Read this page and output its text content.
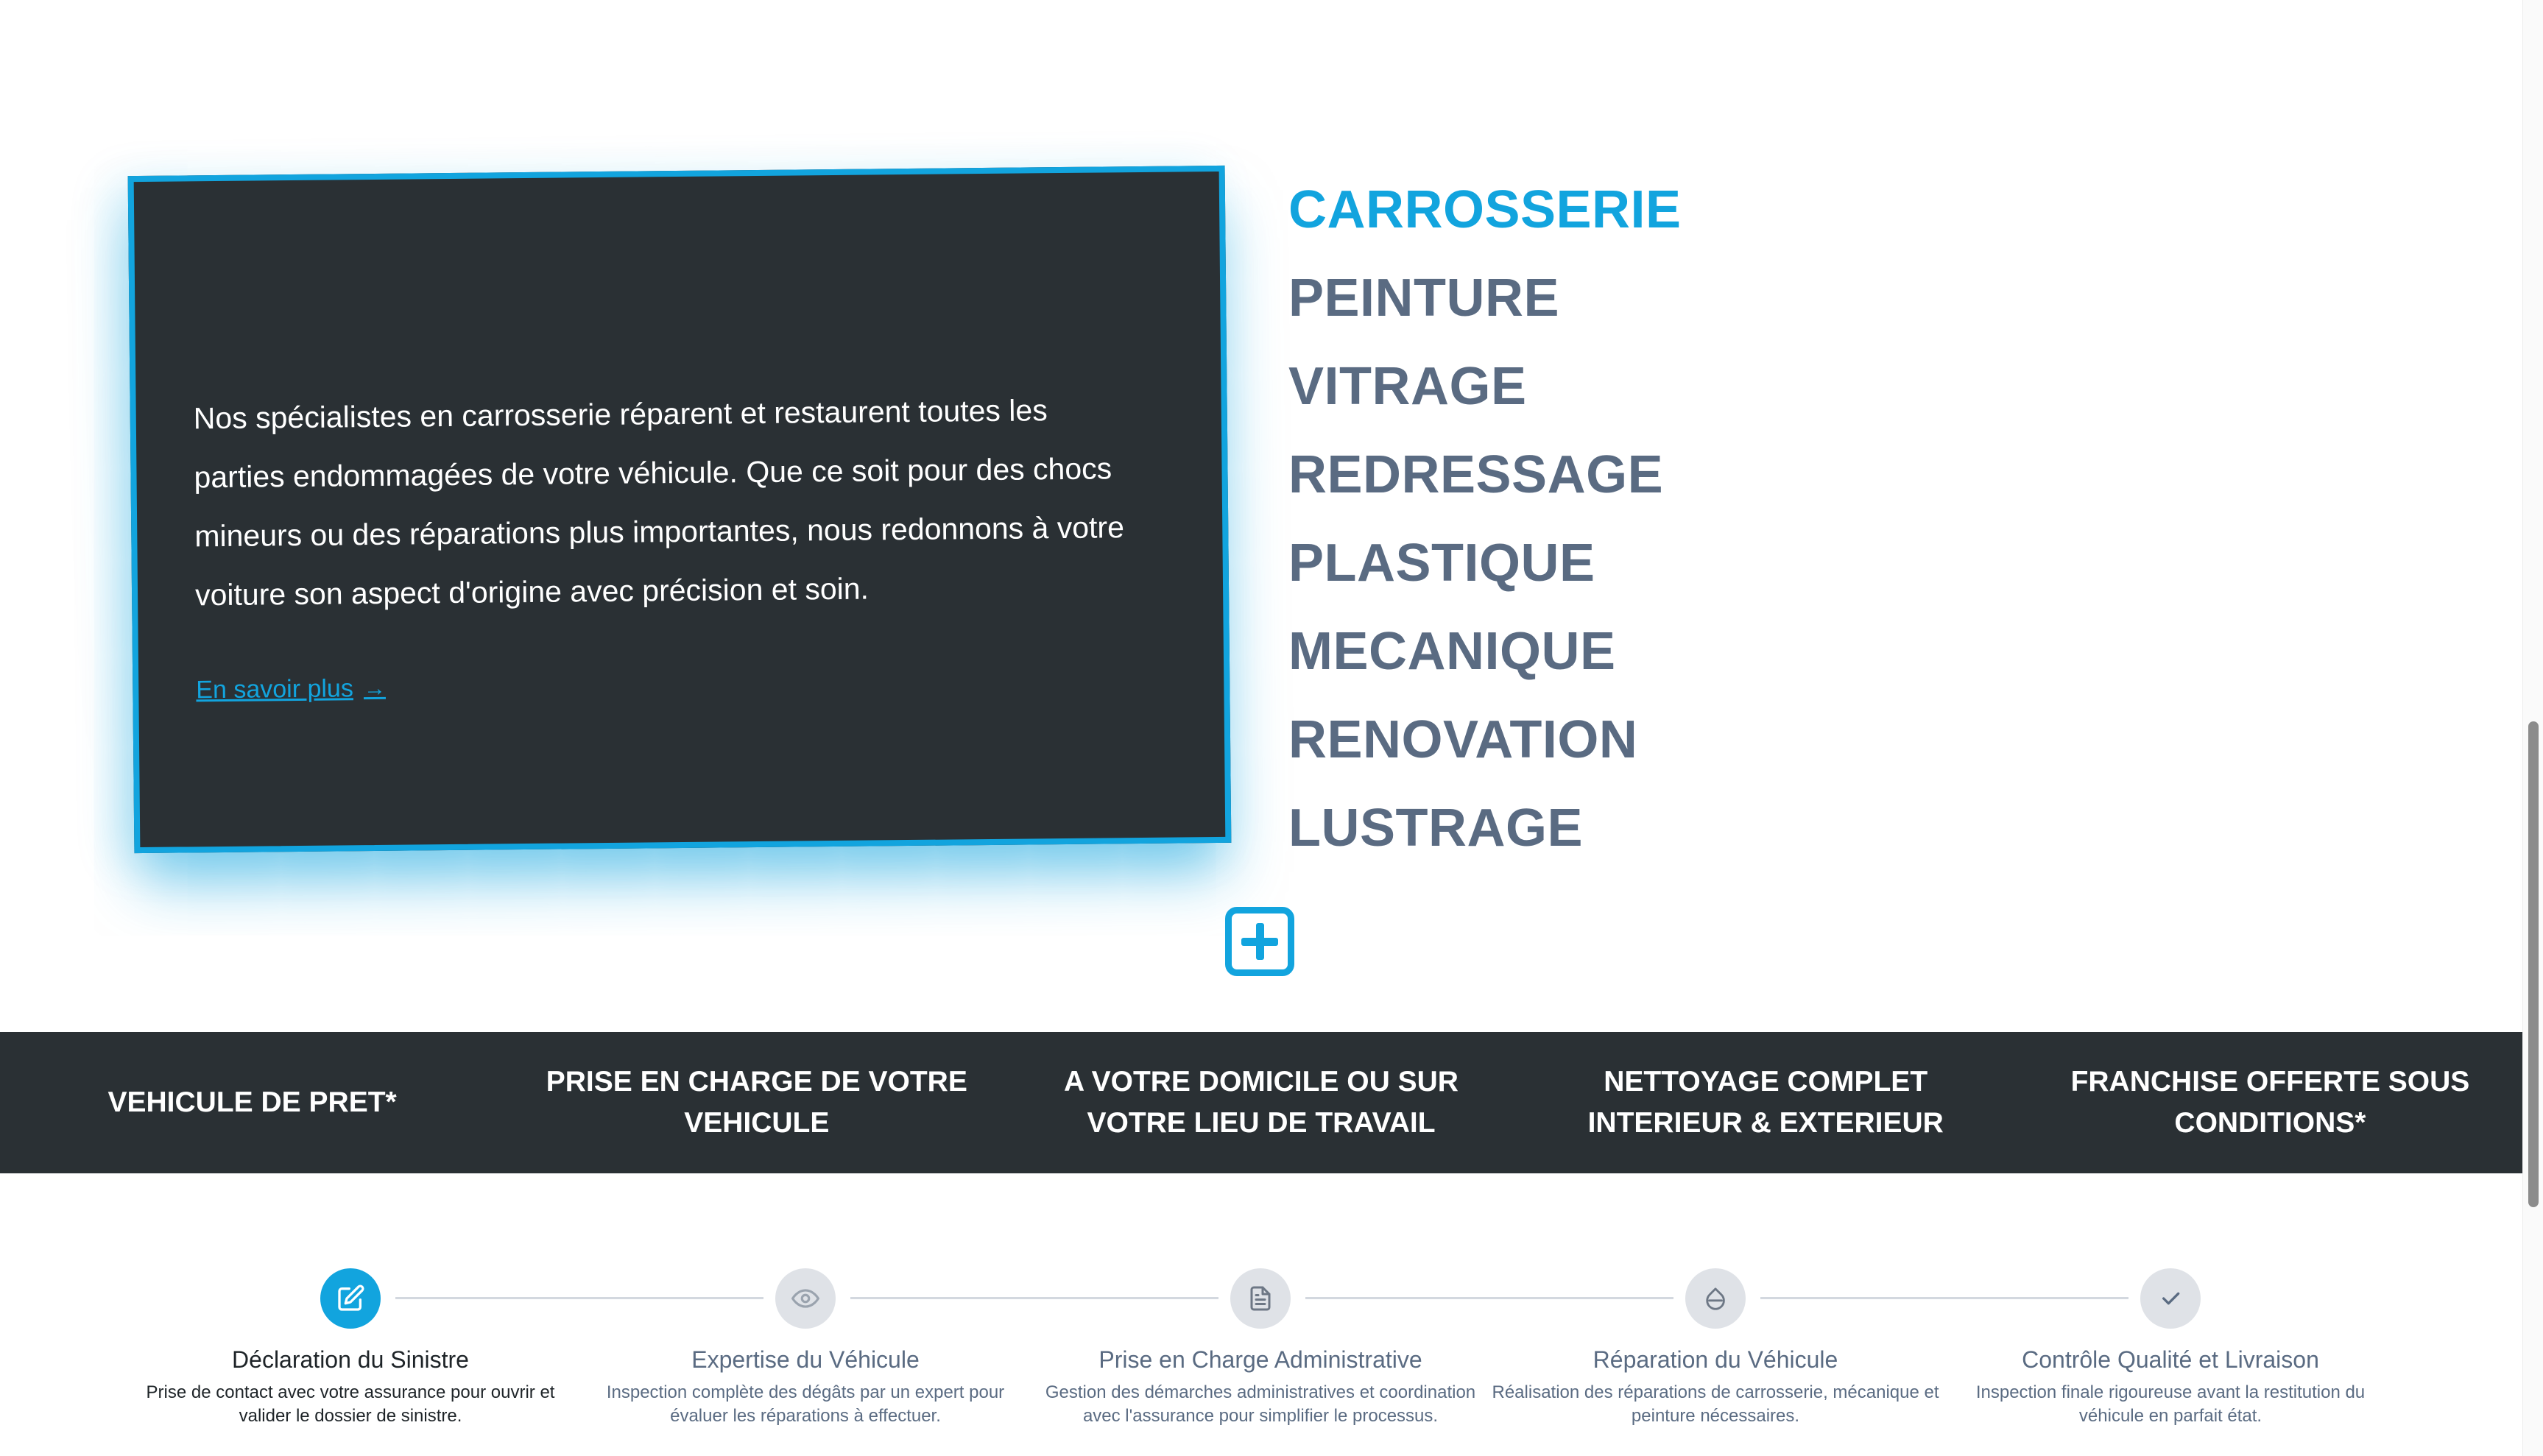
Nos spécialistes en carrosserie réparent et restaurent toutes les parties endommagées de votre véhicule. Que ce soit pour des chocs mineurs ou des réparations plus importantes, nous redonnons à votre voiture son aspect d'origine avec précision et soin.

En savoir plus →
CARROSSERIE
PEINTURE
VITRAGE
REDRESSAGE
PLASTIQUE
MECANIQUE
RENOVATION
LUSTRAGE
VEHICULE DE PRET*
PRISE EN CHARGE DE VOTRE VEHICULE
A VOTRE DOMICILE OU SUR VOTRE LIEU DE TRAVAIL
NETTOYAGE COMPLET INTERIEUR & EXTERIEUR
FRANCHISE OFFERTE SOUS CONDITIONS*
Déclaration du Sinistre
Prise de contact avec votre assurance pour ouvrir et valider le dossier de sinistre.
Expertise du Véhicule
Inspection complète des dégâts par un expert pour évaluer les réparations à effectuer.
Prise en Charge Administrative
Gestion des démarches administratives et coordination avec l'assurance pour simplifier le processus.
Réparation du Véhicule
Réalisation des réparations de carrosserie, mécanique et peinture nécessaires.
Contrôle Qualité et Livraison
Inspection finale rigoureuse avant la restitution du véhicule en parfait état.
